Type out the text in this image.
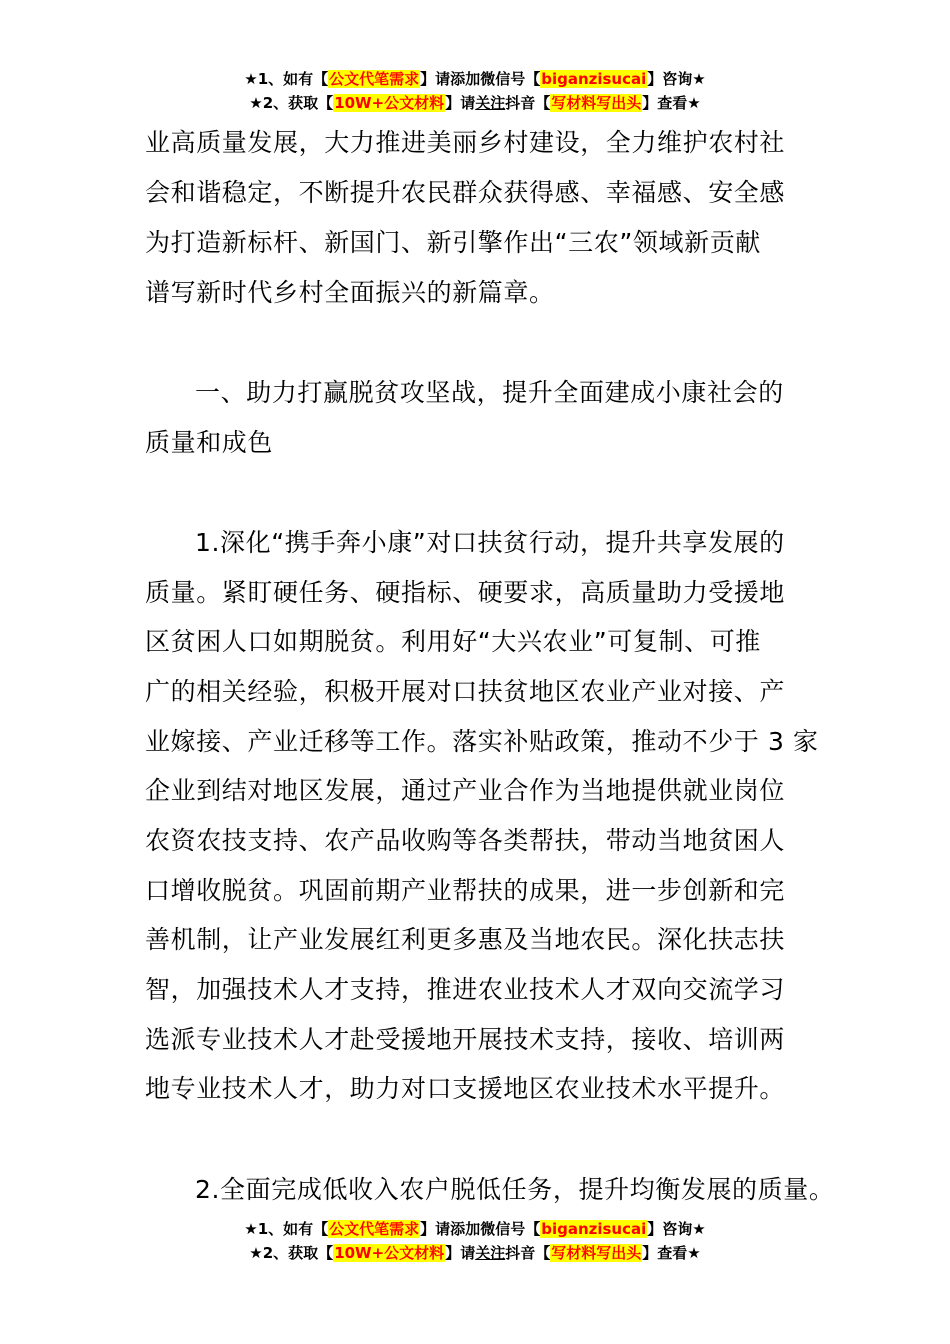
★1、如有【公文代笔需求】请添加微信号【biganzisucai】咨询★
★2、获取【10W+公文材料】请关注抖音【写材料写出头】查看★
业高质量发展，大力推进美丽乡村建设，全力维护农村社
会和谐稳定，不断提升农民群众获得感、幸福感、安全感
为打造新标杆、新国门、新引擎作出“三农”领域新贡献
谱写新时代乡村全面振兴的新篇章。
一、助力打赢脱贫攻坚战，提升全面建成小康社会的
质量和成色
1.深化“携手奔小康”对口扶贫行动，提升共享发展的
质量。紧盯硬任务、硬指标、硬要求，高质量助力受援地
区贫困人口如期脱贫。利用好“大兴农业”可复制、可推
广的相关经验，积极开展对口扶贫地区农业产业对接、产
业嫁接、产业迁移等工作。落实补贴政策，推动不少于 3 家
企业到结对地区发展，通过产业合作为当地提供就业岗位
农资农技支持、农产品收购等各类帮扶，带动当地贫困人
口增收脱贫。巩固前期产业帮扶的成果，进一步创新和完
善机制，让产业发展红利更多惠及当地农民。深化扶志扶
智，加强技术人才支持，推进农业技术人才双向交流学习
选派专业技术人才赴受援地开展技术支持，接收、培训两
地专业技术人才，助力对口支援地区农业技术水平提升。
2.全面完成低收入农户脱低任务，提升均衡发展的质量。
★1、如有【公文代笔需求】请添加微信号【biganzisucai】咨询★
★2、获取【10W+公文材料】请关注抖音【写材料写出头】查看★
